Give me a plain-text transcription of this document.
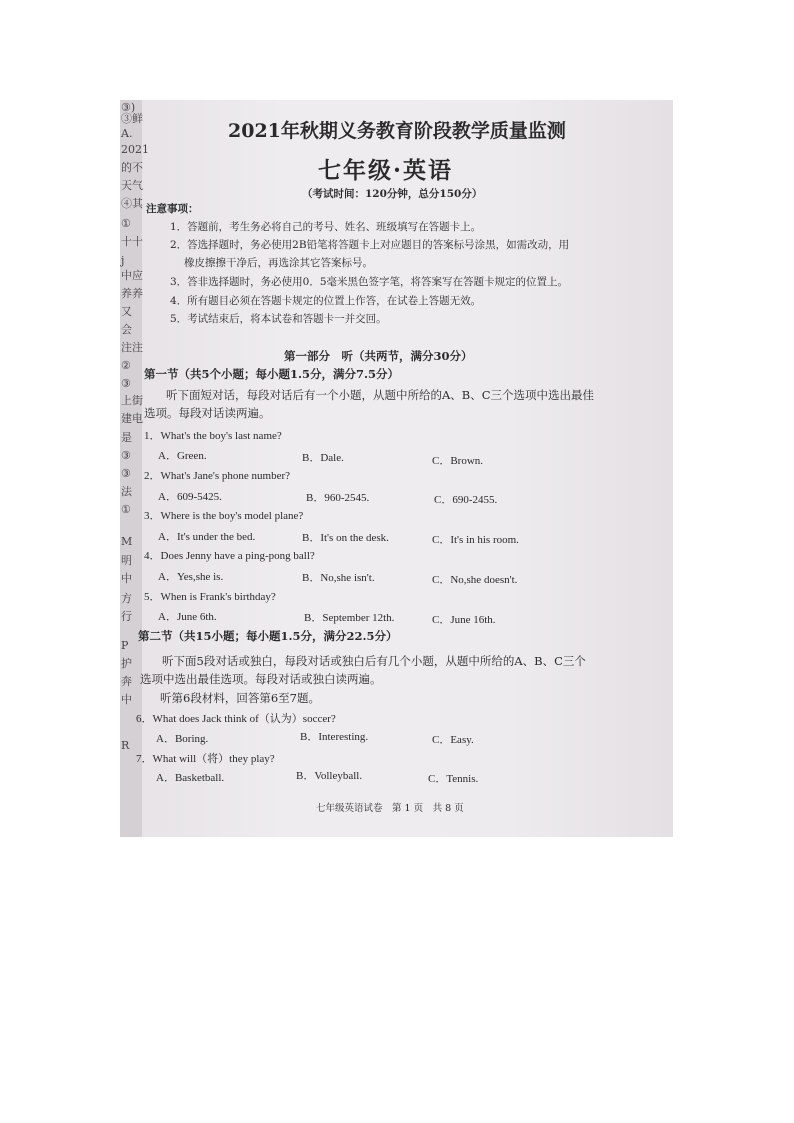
③)
③鲜
A.
2021
的不
天气
④其
①
十十
j
中应
养养
又
会
注注
②
③
上街
建电
是
③
③
法
①
M
明
中
方
行
P
护
奔
中
R
2021年秋期义务教育阶段教学质量监测
七年级·英语
（考试时间：120分钟，总分150分）
注意事项：
1．答题前，考生务必将自己的考号、姓名、班级填写在答题卡上。
2．答选择题时，务必使用2B铅笔将答题卡上对应题目的答案标号涂黑，如需改动，用
橡皮擦擦干净后，再选涂其它答案标号。
3．答非选择题时，务必使用0．5毫米黑色签字笔，将答案写在答题卡规定的位置上。
4．所有题目必须在答题卡规定的位置上作答，在试卷上答题无效。
5．考试结束后，将本试卷和答题卡一并交回。
第一部分　听（共两节，满分30分）
第一节（共5个小题；每小题1.5分，满分7.5分）
听下面短对话，每段对话后有一个小题，从题中所给的A、B、C三个选项中选出最佳
选项。每段对话读两遍。
1．What's the boy's last name?
A．Green.	B．Dale.	C．Brown.
2．What's Jane's phone number?
A．609-5425.	B．960-2545.	C．690-2455.
3．Where is the boy's model plane?
A．It's under the bed.	B．It's on the desk.	C．It's in his room.
4．Does Jenny have a ping-pong ball?
A．Yes,she is.	B．No,she isn't.	C．No,she doesn't.
5．When is Frank's birthday?
A．June 6th.	B．September 12th.	C．June 16th.
第二节（共15小题；每小题1.5分，满分22.5分）
听下面5段对话或独白，每段对话或独白后有几个小题，从题中所给的A、B、C三个
选项中选出最佳选项。每段对话或独白读两遍。
听第6段材料，回答第6至7题。
6．What does Jack think of（认为）soccer?
A．Boring.	B．Interesting.	C．Easy.
7．What will（将）they play?
A．Basketball.	B．Volleyball.	C．Tennis.
七年级英语试卷　第 1 页　共 8 页
